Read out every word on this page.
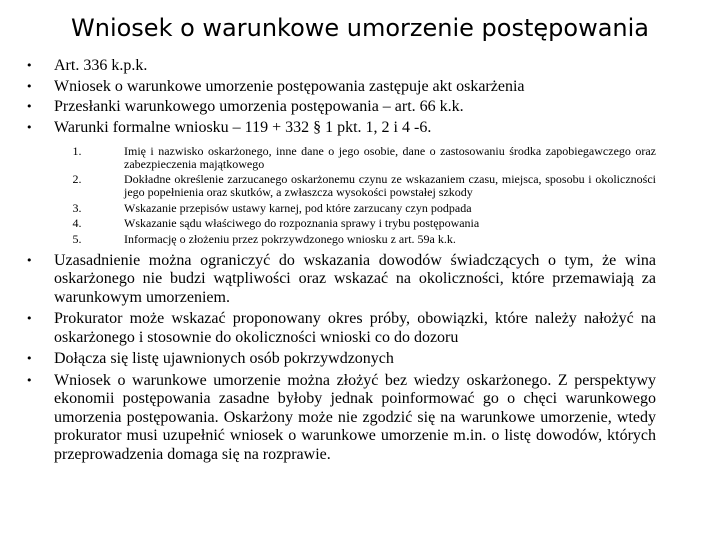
Wniosek o warunkowe umorzenie postępowania
•	Art. 336 k.p.k.
•	Wniosek o warunkowe umorzenie postępowania zastępuje akt oskarżenia
•	Przesłanki warunkowego umorzenia postępowania – art. 66 k.k.
•	Warunki formalne wniosku – 119 + 332 § 1 pkt. 1, 2 i 4 -6.
1.	Imię i nazwisko oskarżonego, inne dane o jego osobie, dane o zastosowaniu środka zapobiegawczego oraz zabezpieczenia majątkowego
2.	Dokładne określenie zarzucanego oskarżonemu czynu ze wskazaniem czasu, miejsca, sposobu i okoliczności jego popełnienia oraz skutków, a zwłaszcza wysokości powstałej szkody
3.	Wskazanie przepisów ustawy karnej, pod które zarzucany czyn podpada
4.	Wskazanie sądu właściwego do rozpoznania sprawy i trybu postępowania
5.	Informację o złożeniu przez pokrzywdzonego wniosku z art. 59a k.k.
•	Uzasadnienie można ograniczyć do wskazania dowodów świadczących o tym, że wina oskarżonego nie budzi wątpliwości oraz wskazać na okoliczności, które przemawiają za warunkowym umorzeniem.
•	Prokurator może wskazać proponowany okres próby, obowiązki, które należy nałożyć na oskarżonego i stosownie do okoliczności wnioski co do dozoru
•	Dołącza się listę ujawnionych osób pokrzywdzonych
•	Wniosek o warunkowe umorzenie można złożyć bez wiedzy oskarżonego. Z perspektywy ekonomii postępowania zasadne byłoby jednak poinformować go o chęci warunkowego umorzenia postępowania. Oskarżony może nie zgodzić się na warunkowe umorzenie, wtedy prokurator musi uzupełnić wniosek o warunkowe umorzenie m.in. o listę dowodów, których przeprowadzenia domaga się na rozprawie.
